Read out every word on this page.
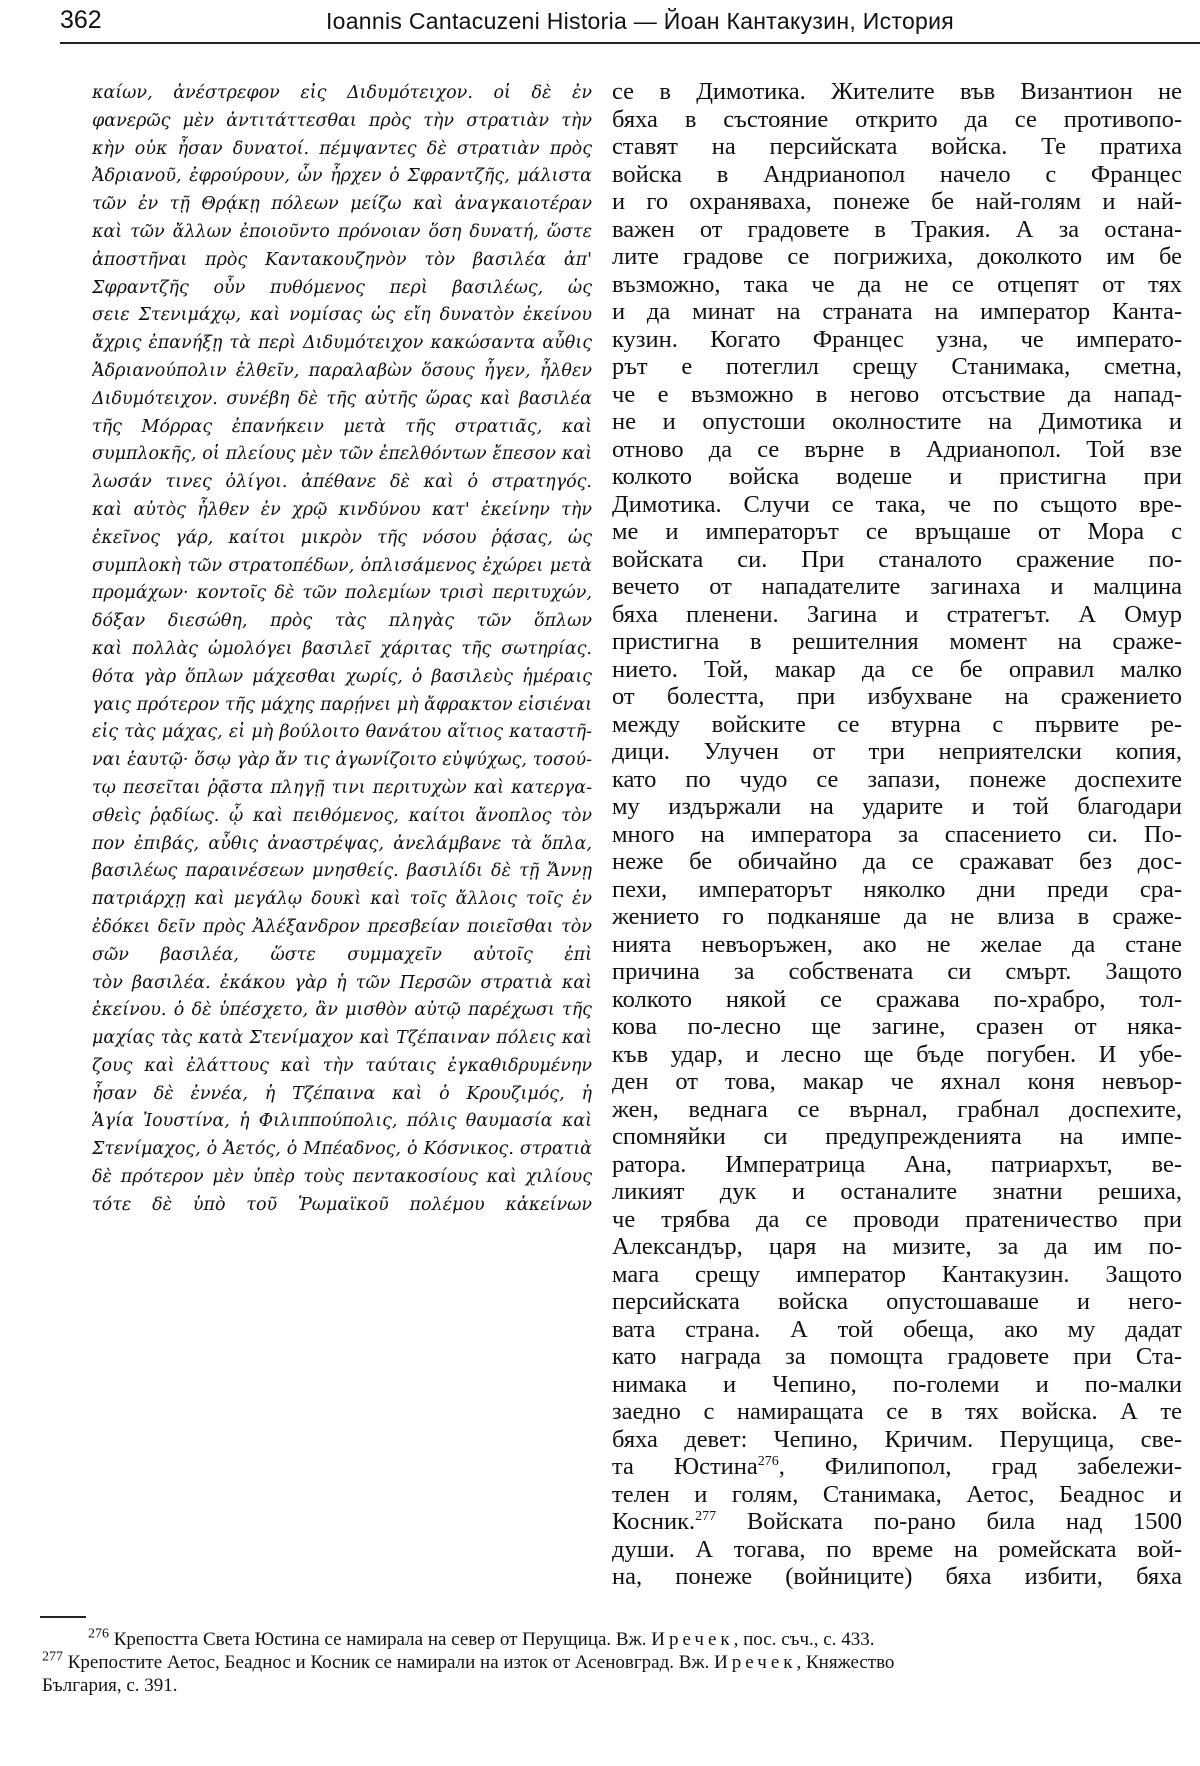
362	Ioannis Cantacuzeni Historia — Йоан Кантакузин, История
καίων, ἀνέστρεφον εἰς Διδυμότειχον. οἱ δὲ ἐν
φανερῶς μὲν ἀντιτάττεσθαι πρὸς τὴν στρατιὰν τὴν
κὴν οὐκ ἦσαν δυνατοί. πέμψαντες δὲ στρατιὰν πρὸς
Ἀδριανοῦ, ἐφρούρουν, ὧν ἦρχεν ὁ Σφραντζῆς, μάλιστα
τῶν ἐν τῇ Θρᾴκῃ πόλεων μείζω καὶ ἀναγκαιοτέραν
καὶ τῶν ἄλλων ἐποιοῦντο πρόνοιαν ὅση δυνατή, ὥστε
ἀποστῆναι πρὸς Καντακουζηνὸν τὸν βασιλέα ἀπ'
Σφραντζῆς οὖν πυθόμενος περὶ βασιλέως, ὡς
σειε Στενιμάχῳ, καὶ νομίσας ὡς εἴη δυνατὸν ἐκείνου
ἄχρις ἐπανήξῃ τὰ περὶ Διδυμότειχον κακώσαντα αὖθις
Ἀδριανούπολιν ἐλθεῖν, παραλαβὼν ὅσους ἦγεν, ἦλθεν
Διδυμότειχον. συνέβη δὲ τῆς αὐτῆς ὥρας καὶ βασιλέα
τῆς Μόρρας ἐπανήκειν μετὰ τῆς στρατιᾶς, καὶ
συμπλοκῆς, οἱ πλείους μὲν τῶν ἐπελθόντων ἔπεσον καὶ
λωσάν τινες ὀλίγοι. ἀπέθανε δὲ καὶ ὁ στρατηγός.
καὶ αὐτὸς ἦλθεν ἐν χρῷ κινδύνου κατ' ἐκείνην τὴν
ἐκεῖνος γάρ, καίτοι μικρὸν τῆς νόσου ῥᾴσας, ὡς
συμπλοκὴ τῶν στρατοπέδων, ὁπλισάμενος ἐχώρει μετὰ
προμάχων· κοντοῖς δὲ τῶν πολεμίων τρισὶ περιτυχών,
δόξαν διεσώθη, πρὸς τὰς πληγὰς τῶν ὅπλων
καὶ πολλὰς ὡμολόγει βασιλεῖ χάριτας τῆς σωτηρίας.
θότα γὰρ ὅπλων μάχεσθαι χωρίς, ὁ βασιλεὺς ἡμέραις
γαις πρότερον τῆς μάχης παρῄνει μὴ ἄφρακτον εἰσιέναι
εἰς τὰς μάχας, εἰ μὴ βούλοιτο θανάτου αἴτιος καταστῆ-
ναι ἑαυτῷ· ὅσῳ γὰρ ἄν τις ἀγωνίζοιτο εὐψύχως, τοσού-
τῳ πεσεῖται ῥᾷστα πληγῇ τινι περιτυχὼν καὶ κατεργα-
σθεὶς ῥᾳδίως. ᾧ καὶ πειθόμενος, καίτοι ἄνοπλος τὸν
πον ἐπιβάς, αὖθις ἀναστρέψας, ἀνελάμβανε τὰ ὅπλα,
βασιλέως παραινέσεων μνησθείς. βασιλίδι δὲ τῇ Ἄννῃ
πατριάρχῃ καὶ μεγάλῳ δουκὶ καὶ τοῖς ἄλλοις τοῖς ἐν
ἐδόκει δεῖν πρὸς Ἀλέξανδρον πρεσβείαν ποιεῖσθαι τὸν
σῶν βασιλέα, ὥστε συμμαχεῖν αὐτοῖς ἐπὶ
τὸν βασιλέα. ἐκάκου γὰρ ἡ τῶν Περσῶν στρατιὰ καὶ
ἐκείνου. ὁ δὲ ὑπέσχετο, ἂν μισθὸν αὐτῷ παρέχωσι τῆς
μαχίας τὰς κατὰ Στενίμαχον καὶ Τζέπαιναν πόλεις καὶ
ζους καὶ ἐλάττους καὶ τὴν ταύταις ἐγκαθιδρυμένην
ἦσαν δὲ ἐννέα, ἡ Τζέπαινα καὶ ὁ Κρουζιμός, ἡ
Ἁγία Ἰουστίνα, ἡ Φιλιππούπολις, πόλις θαυμασία καὶ
Στενίμαχος, ὁ Ἀετός, ὁ Μπέαδνος, ὁ Κόσνικος. στρατιὰ
δὲ πρότερον μὲν ὑπὲρ τοὺς πεντακοσίους καὶ χιλίους
τότε δὲ ὑπὸ τοῦ Ῥωμαϊκοῦ πολέμου κἀκείνων
се в Димотика. Жителите във Византион не
бяха в състояние открито да се противопо-
ставят на персийската войска. Те пратиха
войска в Андрианопол начело с Францес
и го охраняваха, понеже бе най-голям и най-
важен от градовете в Тракия. А за остана-
лите градове се погрижиха, доколкото им бе
възможно, така че да не се отцепят от тях
и да минат на страната на император Канта-
кузин. Когато Францес узна, че императо-
рът е потеглил срещу Станимака, сметна,
че е възможно в негово отсъствие да напад-
не и опустоши околностите на Димотика и
отново да се върне в Адрианопол. Той взе
колкото войска водеше и пристигна при
Димотика. Случи се така, че по същото вре-
ме и императорът се връщаше от Мора с
войската си. При станалото сражение по-
вечето от нападателите загинаха и малцина
бяха пленени. Загина и стратегът. А Омур
пристигна в решителния момент на сраже-
нието. Той, макар да се бе оправил малко
от болестта, при избухване на сражението
между войските се втурна с първите ре-
дици. Улучен от три неприятелски копия,
като по чудо се запази, понеже доспехите
му издържали на ударите и той благодари
много на императора за спасението си. По-
неже бе обичайно да се сражават без дос-
пехи, императорът няколко дни преди сра-
жението го подканяше да не влиза в сраже-
нията невъоръжен, ако не желае да стане
причина за собствената си смърт. Защото
колкото някой се сражава по-храбро, тол-
кова по-лесно ще загине, сразен от няка-
къв удар, и лесно ще бъде погубен. И убе-
ден от това, макар че яхнал коня невъор-
жен, веднага се върнал, грабнал доспехите,
спомняйки си предупрежденията на импе-
ратора. Императрица Ана, патриархът, ве-
ликият дук и останалите знатни решиха,
че трябва да се проводи пратеничество при
Александър, царя на мизите, за да им по-
мага срещу император Кантакузин. Защото
персийската войска опустошаваше и него-
вата страна. А той обеща, ако му дадат
като награда за помощта градовете при Ста-
нимака и Чепино, по-големи и по-малки
заедно с намиращата се в тях войска. А те
бяха девет: Чепино, Кричим. Перущица, све-
та Юстина$^{276}$, Филипопол, град забележи-
телен и голям, Станимака, Аетос, Беаднос и
Косник.$^{277}$ Войската по-рано била над 1500
души. А тогава, по време на ромейската вой-
на, понеже (войниците) бяха избити, бяха
$^{276}$ Крепостта Света Юстина се намирала на север от Перущица. Вж. Иречек, пос. съч., с. 433.
$^{277}$ Крепостите Аетос, Беаднос и Косник се намирали на изток от Асеновград. Вж. Иречек, Княжество
България, с. 391.
